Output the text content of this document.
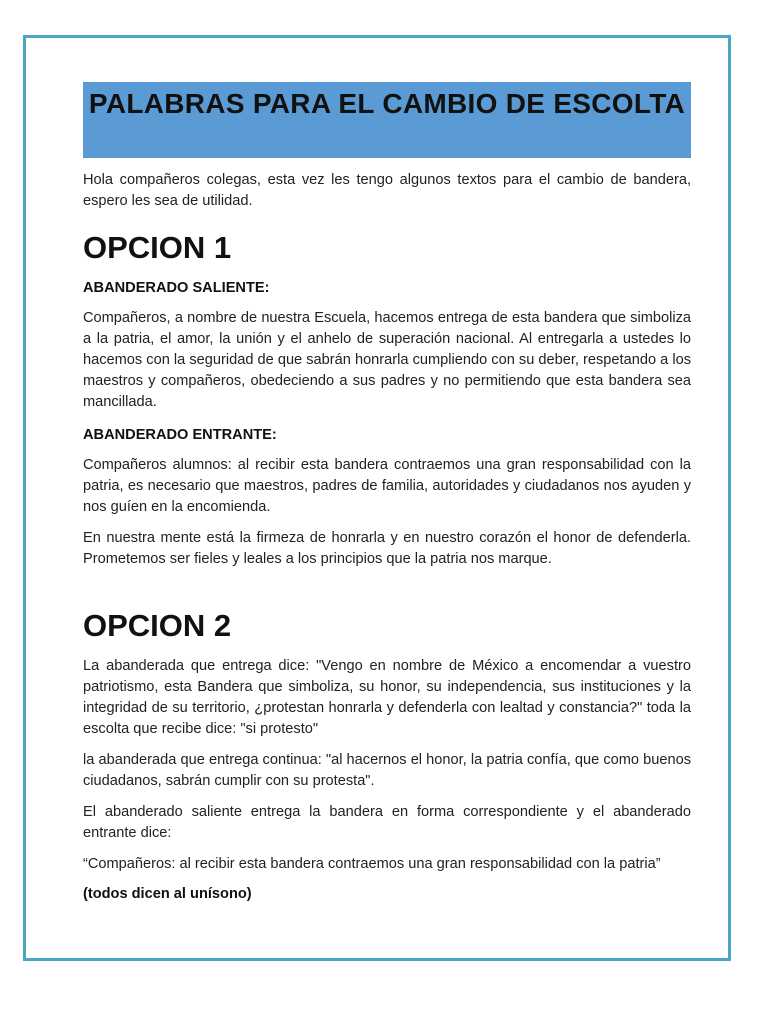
PALABRAS PARA EL CAMBIO DE ESCOLTA

Hola compañeros colegas, esta vez les tengo algunos textos para el cambio de bandera, espero les sea de utilidad.

OPCION 1
ABANDERADO SALIENTE:

Compañeros, a nombre de nuestra Escuela, hacemos entrega de esta bandera que simboliza a la patria, el amor, la unión y el anhelo de superación nacional. Al entregarla a ustedes lo hacemos con la seguridad de que sabrán honrarla cumpliendo con su deber, respetando a los maestros y compañeros, obedeciendo a sus padres y no permitiendo que esta bandera sea mancillada.

ABANDERADO ENTRANTE:

Compañeros alumnos: al recibir esta bandera contraemos una gran responsabilidad con la patria, es necesario que maestros, padres de familia, autoridades y ciudadanos nos ayuden y nos guíen en la encomienda.

En nuestra mente está la firmeza de honrarla y en nuestro corazón el honor de defenderla. Prometemos ser fieles y leales a los principios que la patria nos marque.

OPCION 2

La abanderada que entrega dice: "Vengo en nombre de México a encomendar a vuestro patriotismo, esta Bandera que simboliza, su honor, su independencia, sus instituciones y la integridad de su territorio, ¿protestan honrarla y defenderla con lealtad y constancia?" toda la escolta que recibe dice: "si protesto"

la abanderada que entrega continua: "al hacernos el honor, la patria confía, que como buenos ciudadanos, sabrán cumplir con su protesta".

El abanderado saliente entrega la bandera en forma correspondiente y el abanderado entrante dice:

“Compañeros: al recibir esta bandera contraemos una gran responsabilidad con la patria”

(todos dicen al unísono)
